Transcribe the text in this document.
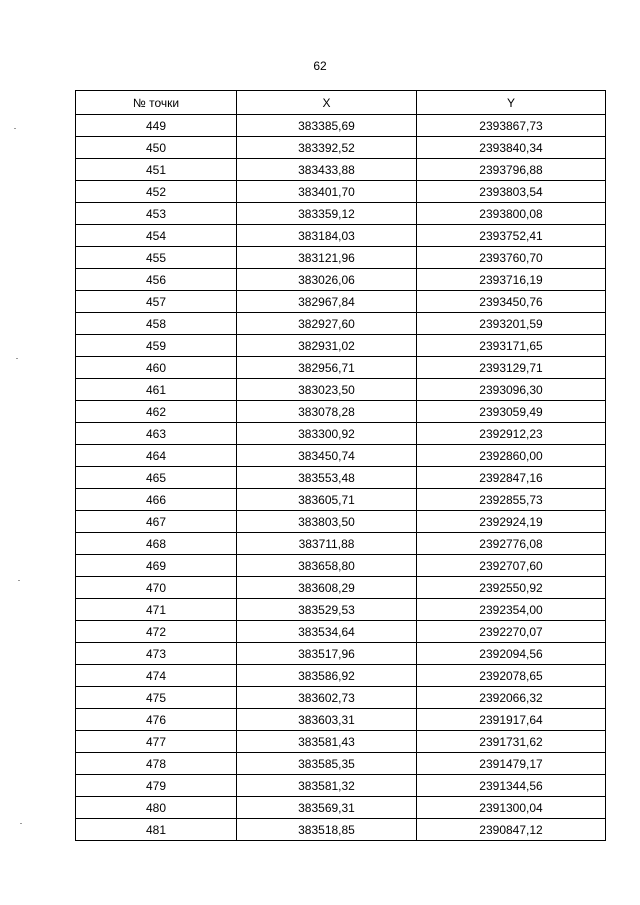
62
№ точки	X	Y
449	383385,69	2393867,73
450	383392,52	2393840,34
451	383433,88	2393796,88
452	383401,70	2393803,54
453	383359,12	2393800,08
454	383184,03	2393752,41
455	383121,96	2393760,70
456	383026,06	2393716,19
457	382967,84	2393450,76
458	382927,60	2393201,59
459	382931,02	2393171,65
460	382956,71	2393129,71
461	383023,50	2393096,30
462	383078,28	2393059,49
463	383300,92	2392912,23
464	383450,74	2392860,00
465	383553,48	2392847,16
466	383605,71	2392855,73
467	383803,50	2392924,19
468	383711,88	2392776,08
469	383658,80	2392707,60
470	383608,29	2392550,92
471	383529,53	2392354,00
472	383534,64	2392270,07
473	383517,96	2392094,56
474	383586,92	2392078,65
475	383602,73	2392066,32
476	383603,31	2391917,64
477	383581,43	2391731,62
478	383585,35	2391479,17
479	383581,32	2391344,56
480	383569,31	2391300,04
481	383518,85	2390847,12
